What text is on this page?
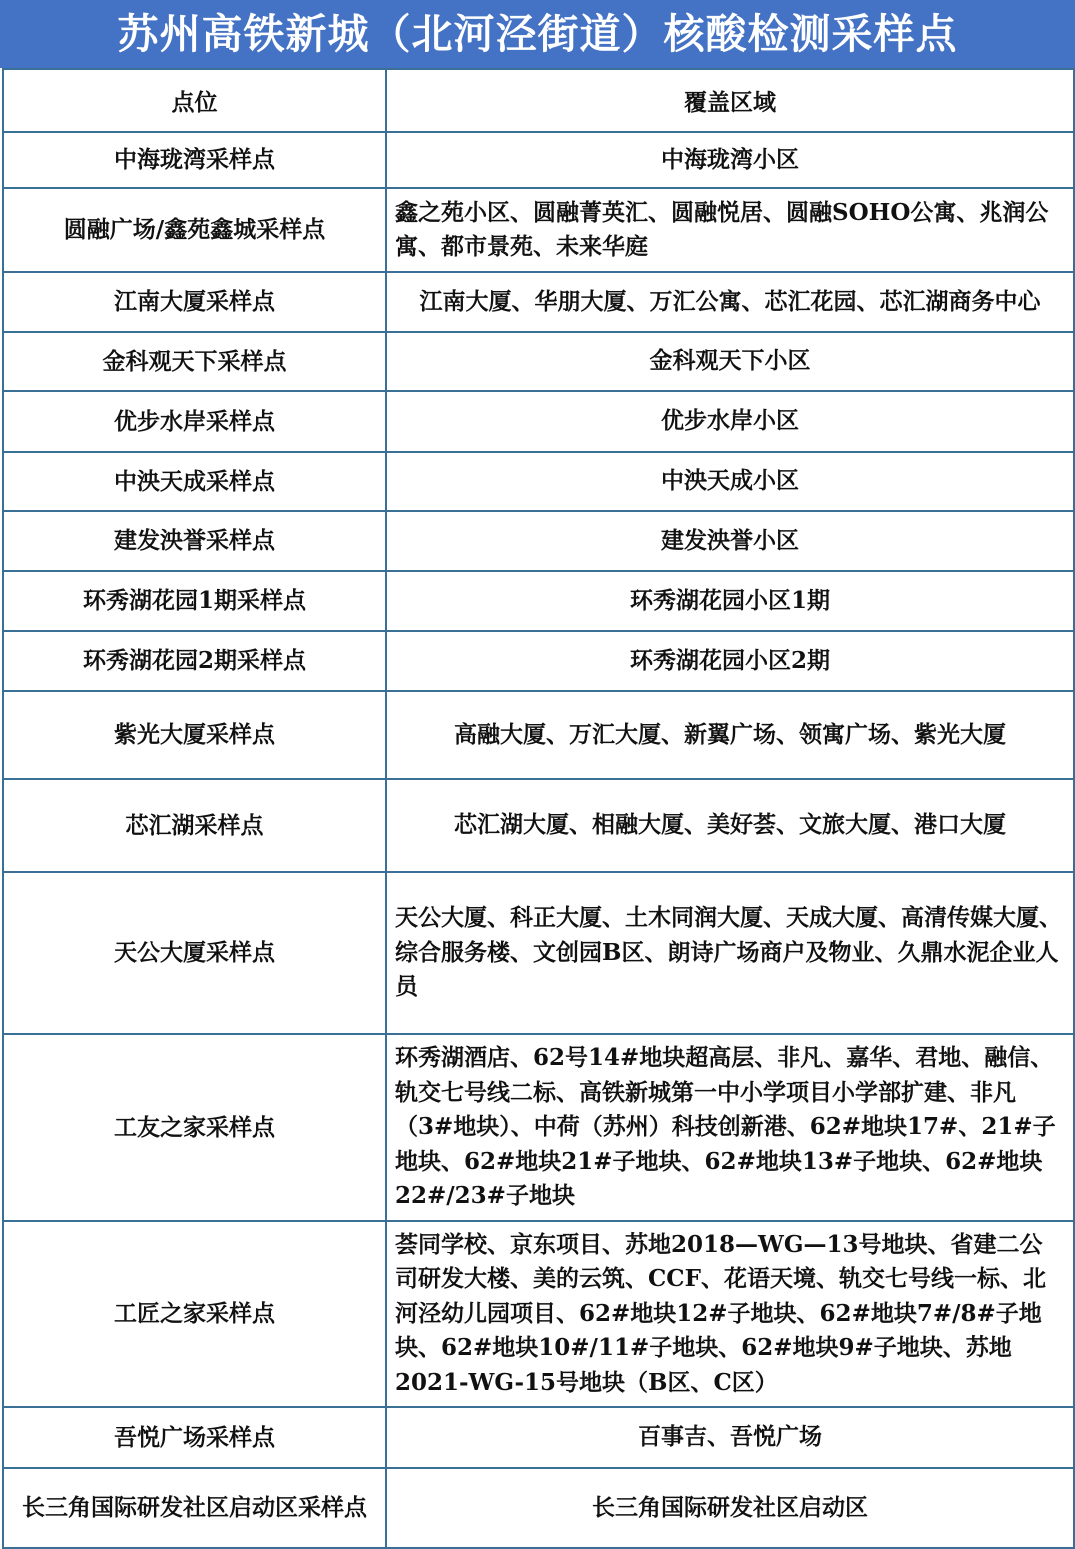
苏州高铁新城（北河泾街道）核酸检测采样点
点位	覆盖区域
中海珑湾采样点	中海珑湾小区
圆融广场/鑫苑鑫城采样点	鑫之苑小区、圆融菁英汇、圆融悦居、圆融SOHO公寓、兆润公寓、都市景苑、未来华庭
江南大厦采样点	江南大厦、华朋大厦、万汇公寓、芯汇花园、芯汇湖商务中心
金科观天下采样点	金科观天下小区
优步水岸采样点	优步水岸小区
中泱天成采样点	中泱天成小区
建发泱誉采样点	建发泱誉小区
环秀湖花园1期采样点	环秀湖花园小区1期
环秀湖花园2期采样点	环秀湖花园小区2期
紫光大厦采样点	高融大厦、万汇大厦、新翼广场、领寓广场、紫光大厦
芯汇湖采样点	芯汇湖大厦、相融大厦、美好荟、文旅大厦、港口大厦
天公大厦采样点	天公大厦、科正大厦、土木同润大厦、天成大厦、高清传媒大厦、综合服务楼、文创园B区、朗诗广场商户及物业、久鼎水泥企业人员
工友之家采样点	环秀湖酒店、62号14#地块超高层、非凡、嘉华、君地、融信、轨交七号线二标、高铁新城第一中小学项目小学部扩建、非凡（3#地块）、中荷（苏州）科技创新港、62#地块17#、21#子地块、62#地块21#子地块、62#地块13#子地块、62#地块22#/23#子地块
工匠之家采样点	荟同学校、京东项目、苏地2018—WG—13号地块、省建二公司研发大楼、美的云筑、CCF、花语天境、轨交七号线一标、北河泾幼儿园项目、62#地块12#子地块、62#地块7#/8#子地块、62#地块10#/11#子地块、62#地块9#子地块、苏地2021-WG-15号地块（B区、C区）
吾悦广场采样点	百事吉、吾悦广场
长三角国际研发社区启动区采样点	长三角国际研发社区启动区
